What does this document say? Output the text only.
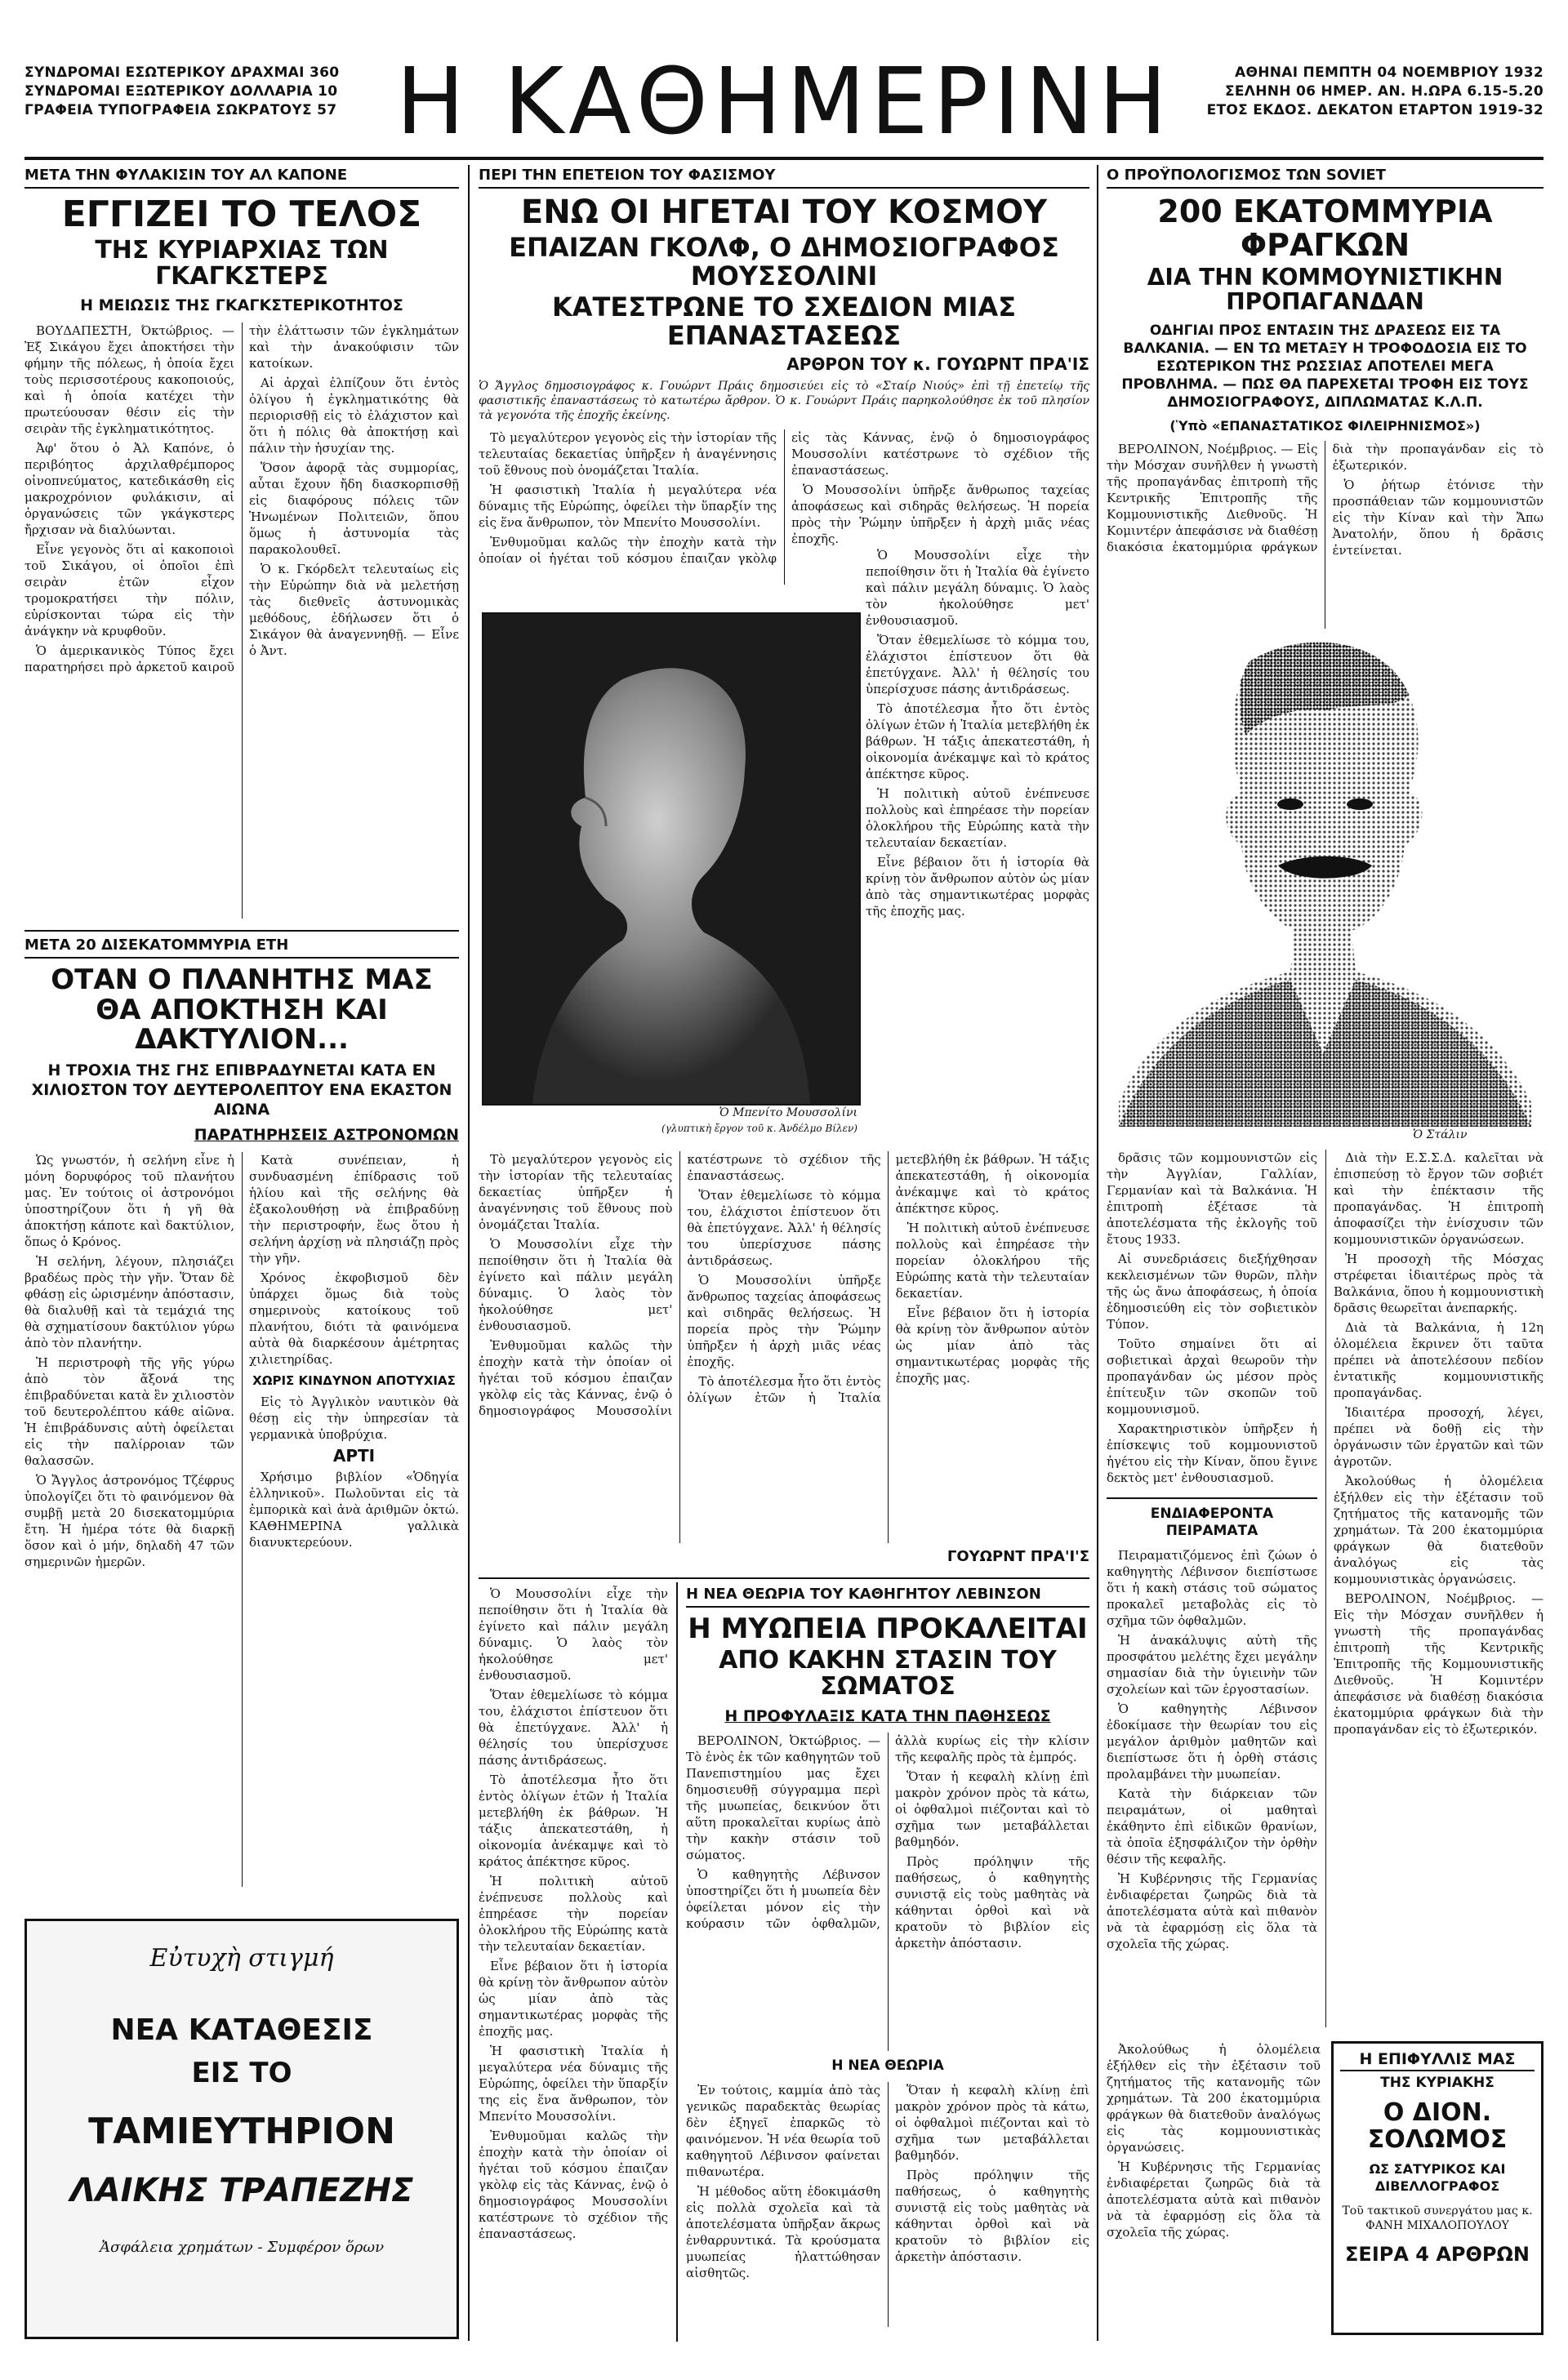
ΣΥΝΔΡΟΜΑΙ ΕΣΩΤΕΡΙΚΟΥ ΔΡΑΧΜΑΙ 360
ΣΥΝΔΡΟΜΑΙ ΕΞΩΤΕΡΙΚΟΥ ΔΟΛΛΑΡΙΑ 10
ΓΡΑΦΕΙΑ ΤΥΠΟΓΡΑΦΕΙΑ ΣΩΚΡΑΤΟΥΣ 57 Η ΚΑΘΗΜΕΡΙΝΗ	ΑΘΗΝΑΙ ΠΕΜΠΤΗ 04 ΝΟΕΜΒΡΙΟΥ 1932
ΣΕΛΗΝΗ 06 ΗΜΕΡ. ΑΝ. Η.ΩΡΑ 6.15-5.20
ΕΤΟΣ ΕΚΔΟΣ. ΔΕΚΑΤΟΝ ΕΤΑΡΤΟΝ 1919-32
ΜΕΤΑ ΤΗΝ ΦΥΛΑΚΙΣΙΝ ΤΟΥ ΑΛ ΚΑΠΟΝΕ
ΕΓΓΙΖΕΙ ΤΟ ΤΕΛΟΣ
ΤΗΣ ΚΥΡΙΑΡΧΙΑΣ ΤΩΝ ΓΚΑΓΚΣΤΕΡΣ
Η ΜΕΙΩΣΙΣ ΤΗΣ ΓΚΑΓΚΣΤΕΡΙΚΟΤΗΤΟΣ

ΒΟΥΔΑΠΕΣΤΗ, Όκτώβριος. — Ἐξ Σικάγου ἔχει ἀποκτήσει τὴν φήμην τῆς πόλεως, ἡ ὁποία ἔχει τοὺς περισσοτέρους κακοποιούς, καὶ ἡ ὁποία κατέχει τὴν πρωτεύουσαν θέσιν εἰς τὴν σειρὰν τῆς ἐγκληματικότητος.

Ἀφ' ὅτου ὁ Ἀλ Καπόνε, ὁ περιβόητος ἀρχιλαθρέμπορος οἰνοπνεύματος, κατεδικάσθη εἰς μακροχρόνιον φυλάκισιν, αἱ ὀργανώσεις τῶν γκάγκστερς ἤρχισαν νὰ διαλύωνται.

Εἶνε γεγονὸς ὅτι αἱ κακοποιοὶ τοῦ Σικάγου, οἱ ὁποῖοι ἐπὶ σειρὰν ἐτῶν εἶχον τρομοκρατήσει τὴν πόλιν, εὑρίσκονται τώρα εἰς τὴν ἀνάγκην νὰ κρυφθοῦν.

Ὁ ἀμερικανικὸς Τύπος ἔχει παρατηρήσει πρὸ ἀρκετοῦ καιροῦ τὴν ἐλάττωσιν τῶν ἐγκλημάτων καὶ τὴν ἀνακούφισιν τῶν κατοίκων.

Αἱ ἀρχαὶ ἐλπίζουν ὅτι ἐντὸς ὀλίγου ἡ ἐγκληματικότης θὰ περιορισθῇ εἰς τὸ ἐλάχιστον καὶ ὅτι ἡ πόλις θὰ ἀποκτήσῃ καὶ πάλιν τὴν ἡσυχίαν της.

Ὅσον ἀφορᾷ τὰς συμμορίας, αὗται ἔχουν ἤδη διασκορπισθῇ εἰς διαφόρους πόλεις τῶν Ἡνωμένων Πολιτειῶν, ὅπου ὅμως ἡ ἀστυνομία τὰς παρακολουθεῖ.

Ὁ κ. Γκόρδελτ τελευταίως εἰς τὴν Εὐρώπην διὰ νὰ μελετήσῃ τὰς διεθνεῖς ἀστυνομικὰς μεθόδους, ἐδήλωσεν ὅτι ὁ Σικάγον θὰ ἀναγεννηθῇ. — Εἶνε ὁ Ἀντ.

ΜΕΤΑ 20 ΔΙΣΕΚΑΤΟΜΜΥΡΙΑ ΕΤΗ
ΟΤΑΝ Ο ΠΛΑΝΗΤΗΣ ΜΑΣ
ΘΑ ΑΠΟΚΤΗΣΗ ΚΑΙ ΔΑΚΤΥΛΙΟΝ...
Η ΤΡΟΧΙΑ ΤΗΣ ΓΗΣ ΕΠΙΒΡΑΔΥΝΕΤΑΙ ΚΑΤΑ ΕΝ ΧΙΛΙΟΣΤΟΝ ΤΟΥ ΔΕΥΤΕΡΟΛΕΠΤΟΥ ΕΝΑ ΕΚΑΣΤΟΝ ΑΙΩΝΑ
ΠΑΡΑΤΗΡΗΣΕΙΣ ΑΣΤΡΟΝΟΜΩΝ

Ὡς γνωστόν, ἡ σελήνη εἶνε ἡ μόνη δορυφόρος τοῦ πλανήτου μας. Ἐν τούτοις οἱ ἀστρονόμοι ὑποστηρίζουν ὅτι ἡ γῆ θὰ ἀποκτήσῃ κάποτε καὶ δακτύλιον, ὅπως ὁ Κρόνος.

Ἡ σελήνη, λέγουν, πλησιάζει βραδέως πρὸς τὴν γῆν. Ὅταν δὲ φθάσῃ εἰς ὡρισμένην ἀπόστασιν, θὰ διαλυθῇ καὶ τὰ τεμάχιά της θὰ σχηματίσουν δακτύλιον γύρω ἀπὸ τὸν πλανήτην.

Ἡ περιστροφὴ τῆς γῆς γύρω ἀπὸ τὸν ἄξονά της ἐπιβραδύνεται κατὰ ἓν χιλιοστὸν τοῦ δευτερολέπτου κάθε αἰῶνα. Ἡ ἐπιβράδυνσις αὐτὴ ὀφείλεται εἰς τὴν παλίρροιαν τῶν θαλασσῶν.

Ὁ Ἄγγλος ἀστρονόμος Τζέφρυς ὑπολογίζει ὅτι τὸ φαινόμενον θὰ συμβῇ μετὰ 20 δισεκατομμύρια ἔτη. Ἡ ἡμέρα τότε θὰ διαρκῇ ὅσον καὶ ὁ μήν, δηλαδὴ 47 τῶν σημερινῶν ἡμερῶν.

Κατὰ συνέπειαν, ἡ συνδυασμένη ἐπίδρασις τοῦ ἡλίου καὶ τῆς σελήνης θὰ ἐξακολουθήσῃ νὰ ἐπιβραδύνῃ τὴν περιστροφήν, ἕως ὅτου ἡ σελήνη ἀρχίσῃ νὰ πλησιάζῃ πρὸς τὴν γῆν.

Χρόνος ἐκφοβισμοῦ δὲν ὑπάρχει ὅμως διὰ τοὺς σημερινοὺς κατοίκους τοῦ πλανήτου, διότι τὰ φαινόμενα αὐτὰ θὰ διαρκέσουν ἀμέτρητας χιλιετηρίδας.

ΧΩΡΙΣ ΚΙΝΔΥΝΟΝ ΑΠΟΤΥΧΙΑΣ

Εἰς τὸ Ἀγγλικὸν ναυτικὸν θὰ θέσῃ εἰς τὴν ὑπηρεσίαν τὰ γερμανικὰ ὑποβρύχια.

ΑΡΤΙ

Χρήσιμο βιβλίον «Ὁδηγία ἐλληνικοῦ». Πωλοῦνται εἰς τὰ ἐμπορικὰ καὶ ἀνὰ ἀριθμῶν ὀκτώ. ΚΑΘΗΜΕΡΙΝΑ γαλλικὰ διανυκτερεύουν.

Εὐτυχὴ στιγμή
ΝΕΑ ΚΑΤΑΘΕΣΙΣ
ΕΙΣ ΤΟ
ΤΑΜΙΕΥΤΗΡΙΟΝ
ΛΑΙΚΗΣ ΤΡΑΠΕΖΗΣ
Ἀσφάλεια χρημάτων - Συμφέρον ὅρων
ΠΕΡΙ ΤΗΝ ΕΠΕΤΕΙΟΝ ΤΟΥ ΦΑΣΙΣΜΟΥ
ΕΝΩ ΟΙ ΗΓΕΤΑΙ ΤΟΥ ΚΟΣΜΟΥ
ΕΠΑΙΖΑΝ ΓΚΟΛΦ, Ο ΔΗΜΟΣΙΟΓΡΑΦΟΣ ΜΟΥΣΣΟΛΙΝΙ
ΚΑΤΕΣΤΡΩΝΕ ΤΟ ΣΧΕΔΙΟΝ ΜΙΑΣ ΕΠΑΝΑΣΤΑΣΕΩΣ
ΑΡΘΡΟΝ ΤΟΥ κ. ΓΟΥΩΡΝΤ ΠΡΑ'ΙΣ
Ὁ Ἄγγλος δημοσιογράφος κ. Γουώρντ Πράις δημοσιεύει εἰς τὸ «Σταίρ Νιούς» ἐπὶ τῇ ἐπετείῳ τῆς φασιστικῆς ἐπαναστάσεως τὸ κατωτέρω ἄρθρον. Ὁ κ. Γουώρντ Πράις παρηκολούθησε ἐκ τοῦ πλησίον τὰ γεγονότα τῆς ἐποχῆς ἐκείνης.

Τὸ μεγαλύτερον γεγονὸς εἰς τὴν ἱστορίαν τῆς τελευταίας δεκαετίας ὑπῆρξεν ἡ ἀναγέννησις τοῦ ἔθνους ποὺ ὀνομάζεται Ἰταλία.

Ἡ φασιστικὴ Ἰταλία ἡ μεγαλύτερα νέα δύναμις τῆς Εὐρώπης, ὀφείλει τὴν ὕπαρξίν της εἰς ἕνα ἄνθρωπον, τὸν Μπενίτο Μουσσολίνι.

Ἐνθυμοῦμαι καλῶς τὴν ἐποχὴν κατὰ τὴν ὁποίαν οἱ ἡγέται τοῦ κόσμου ἐπαιζαν γκὸλφ εἰς τὰς Κάννας, ἐνῷ ὁ δημοσιογράφος Μουσσολίνι κατέστρωνε τὸ σχέδιον τῆς ἐπαναστάσεως.

Ὁ Μουσσολίνι ὑπῆρξε ἄνθρωπος ταχείας ἀποφάσεως καὶ σιδηρᾶς θελήσεως. Ἡ πορεία πρὸς τὴν Ῥώμην ὑπῆρξεν ἡ ἀρχὴ μιᾶς νέας ἐποχῆς.

Ὁ Μπενίτο Μουσσολίνι
(γλυπτικὴ ἔργον τοῦ κ. Ἀνδέλμο Βίλεν)

Ὁ Μουσσολίνι εἶχε τὴν πεποίθησιν ὅτι ἡ Ἰταλία θὰ ἐγίνετο καὶ πάλιν μεγάλη δύναμις. Ὁ λαὸς τὸν ἠκολούθησε μετ' ἐνθουσιασμοῦ.

Ὅταν ἐθεμελίωσε τὸ κόμμα του, ἐλάχιστοι ἐπίστευον ὅτι θὰ ἐπετύγχανε. Ἀλλ' ἡ θέλησίς του ὑπερίσχυσε πάσης ἀντιδράσεως.

Τὸ ἀποτέλεσμα ἦτο ὅτι ἐντὸς ὀλίγων ἐτῶν ἡ Ἰταλία μετεβλήθη ἐκ βάθρων. Ἡ τάξις ἀπεκατεστάθη, ἡ οἰκονομία ἀνέκαμψε καὶ τὸ κράτος ἀπέκτησε κῦρος.

Ἡ πολιτικὴ αὐτοῦ ἐνέπνευσε πολλοὺς καὶ ἐπηρέασε τὴν πορείαν ὁλοκλήρου τῆς Εὐρώπης κατὰ τὴν τελευταίαν δεκαετίαν.

Εἶνε βέβαιον ὅτι ἡ ἱστορία θὰ κρίνῃ τὸν ἄνθρωπον αὐτὸν ὡς μίαν ἀπὸ τὰς σημαντικωτέρας μορφὰς τῆς ἐποχῆς μας.

Τὸ μεγαλύτερον γεγονὸς εἰς τὴν ἱστορίαν τῆς τελευταίας δεκαετίας ὑπῆρξεν ἡ ἀναγέννησις τοῦ ἔθνους ποὺ ὀνομάζεται Ἰταλία.

Ὁ Μουσσολίνι εἶχε τὴν πεποίθησιν ὅτι ἡ Ἰταλία θὰ ἐγίνετο καὶ πάλιν μεγάλη δύναμις. Ὁ λαὸς τὸν ἠκολούθησε μετ' ἐνθουσιασμοῦ.

Ἐνθυμοῦμαι καλῶς τὴν ἐποχὴν κατὰ τὴν ὁποίαν οἱ ἡγέται τοῦ κόσμου ἐπαιζαν γκὸλφ εἰς τὰς Κάννας, ἐνῷ ὁ δημοσιογράφος Μουσσολίνι κατέστρωνε τὸ σχέδιον τῆς ἐπαναστάσεως.

Ὅταν ἐθεμελίωσε τὸ κόμμα του, ἐλάχιστοι ἐπίστευον ὅτι θὰ ἐπετύγχανε. Ἀλλ' ἡ θέλησίς του ὑπερίσχυσε πάσης ἀντιδράσεως.

Ὁ Μουσσολίνι ὑπῆρξε ἄνθρωπος ταχείας ἀποφάσεως καὶ σιδηρᾶς θελήσεως. Ἡ πορεία πρὸς τὴν Ῥώμην ὑπῆρξεν ἡ ἀρχὴ μιᾶς νέας ἐποχῆς.

Τὸ ἀποτέλεσμα ἦτο ὅτι ἐντὸς ὀλίγων ἐτῶν ἡ Ἰταλία μετεβλήθη ἐκ βάθρων. Ἡ τάξις ἀπεκατεστάθη, ἡ οἰκονομία ἀνέκαμψε καὶ τὸ κράτος ἀπέκτησε κῦρος.

Ἡ πολιτικὴ αὐτοῦ ἐνέπνευσε πολλοὺς καὶ ἐπηρέασε τὴν πορείαν ὁλοκλήρου τῆς Εὐρώπης κατὰ τὴν τελευταίαν δεκαετίαν.

Εἶνε βέβαιον ὅτι ἡ ἱστορία θὰ κρίνῃ τὸν ἄνθρωπον αὐτὸν ὡς μίαν ἀπὸ τὰς σημαντικωτέρας μορφὰς τῆς ἐποχῆς μας.

ΓΟΥΩΡΝΤ ΠΡΑ'Ι'Σ

Ὁ Μουσσολίνι εἶχε τὴν πεποίθησιν ὅτι ἡ Ἰταλία θὰ ἐγίνετο καὶ πάλιν μεγάλη δύναμις. Ὁ λαὸς τὸν ἠκολούθησε μετ' ἐνθουσιασμοῦ.

Ὅταν ἐθεμελίωσε τὸ κόμμα του, ἐλάχιστοι ἐπίστευον ὅτι θὰ ἐπετύγχανε. Ἀλλ' ἡ θέλησίς του ὑπερίσχυσε πάσης ἀντιδράσεως.

Τὸ ἀποτέλεσμα ἦτο ὅτι ἐντὸς ὀλίγων ἐτῶν ἡ Ἰταλία μετεβλήθη ἐκ βάθρων. Ἡ τάξις ἀπεκατεστάθη, ἡ οἰκονομία ἀνέκαμψε καὶ τὸ κράτος ἀπέκτησε κῦρος.

Ἡ πολιτικὴ αὐτοῦ ἐνέπνευσε πολλοὺς καὶ ἐπηρέασε τὴν πορείαν ὁλοκλήρου τῆς Εὐρώπης κατὰ τὴν τελευταίαν δεκαετίαν.

Εἶνε βέβαιον ὅτι ἡ ἱστορία θὰ κρίνῃ τὸν ἄνθρωπον αὐτὸν ὡς μίαν ἀπὸ τὰς σημαντικωτέρας μορφὰς τῆς ἐποχῆς μας.

Ἡ φασιστικὴ Ἰταλία ἡ μεγαλύτερα νέα δύναμις τῆς Εὐρώπης, ὀφείλει τὴν ὕπαρξίν της εἰς ἕνα ἄνθρωπον, τὸν Μπενίτο Μουσσολίνι.

Ἐνθυμοῦμαι καλῶς τὴν ἐποχὴν κατὰ τὴν ὁποίαν οἱ ἡγέται τοῦ κόσμου ἐπαιζαν γκὸλφ εἰς τὰς Κάννας, ἐνῷ ὁ δημοσιογράφος Μουσσολίνι κατέστρωνε τὸ σχέδιον τῆς ἐπαναστάσεως.

Η ΝΕΑ ΘΕΩΡΙΑ ΤΟΥ ΚΑΘΗΓΗΤΟΥ ΛΕΒΙΝΣΟΝ
Η ΜΥΩΠΕΙΑ ΠΡΟΚΑΛΕΙΤΑΙ
ΑΠΟ ΚΑΚΗΝ ΣΤΑΣΙΝ ΤΟΥ ΣΩΜΑΤΟΣ
Η ΠΡΟΦΥΛΑΞΙΣ ΚΑΤΑ ΤΗΝ ΠΑΘΗΣΕΩΣ

ΒΕΡΟΛΙΝΟΝ, Ὀκτώβριος. — Τὸ ἑνὸς ἐκ τῶν καθηγητῶν τοῦ Πανεπιστημίου μας ἔχει δημοσιευθῇ σύγγραμμα περὶ τῆς μυωπείας, δεικνύον ὅτι αὕτη προκαλεῖται κυρίως ἀπὸ τὴν κακὴν στάσιν τοῦ σώματος.

Ὁ καθηγητὴς Λέβινσον ὑποστηρίζει ὅτι ἡ μυωπεία δὲν ὀφείλεται μόνον εἰς τὴν κούρασιν τῶν ὀφθαλμῶν, ἀλλὰ κυρίως εἰς τὴν κλίσιν τῆς κεφαλῆς πρὸς τὰ ἐμπρός.

Ὅταν ἡ κεφαλὴ κλίνῃ ἐπὶ μακρὸν χρόνον πρὸς τὰ κάτω, οἱ ὀφθαλμοὶ πιέζονται καὶ τὸ σχῆμα των μεταβάλλεται βαθμηδόν.

Πρὸς πρόληψιν τῆς παθήσεως, ὁ καθηγητὴς συνιστᾷ εἰς τοὺς μαθητὰς νὰ κάθηνται ὀρθοὶ καὶ νὰ κρατοῦν τὸ βιβλίον εἰς ἀρκετὴν ἀπόστασιν.

Η ΝΕΑ ΘΕΩΡΙΑ

Ἐν τούτοις, καμμία ἀπὸ τὰς γενικῶς παραδεκτὰς θεωρίας δὲν ἐξηγεῖ ἐπαρκῶς τὸ φαινόμενον. Ἡ νέα θεωρία τοῦ καθηγητοῦ Λέβινσον φαίνεται πιθανωτέρα.

Ἡ μέθοδος αὕτη ἐδοκιμάσθη εἰς πολλὰ σχολεῖα καὶ τὰ ἀποτελέσματα ὑπῆρξαν ἄκρως ἐνθαρρυντικά. Τὰ κρούσματα μυωπείας ἠλαττώθησαν αἰσθητῶς.

Ὅταν ἡ κεφαλὴ κλίνῃ ἐπὶ μακρὸν χρόνον πρὸς τὰ κάτω, οἱ ὀφθαλμοὶ πιέζονται καὶ τὸ σχῆμα των μεταβάλλεται βαθμηδόν.

Πρὸς πρόληψιν τῆς παθήσεως, ὁ καθηγητὴς συνιστᾷ εἰς τοὺς μαθητὰς νὰ κάθηνται ὀρθοὶ καὶ νὰ κρατοῦν τὸ βιβλίον εἰς ἀρκετὴν ἀπόστασιν.

Ο ΠΡΟΫΠΟΛΟΓΙΣΜΟΣ ΤΩΝ SOVIET
200 ΕΚΑΤΟΜΜΥΡΙΑ ΦΡΑΓΚΩΝ
ΔΙΑ ΤΗΝ ΚΟΜΜΟΥΝΙΣΤΙΚΗΝ ΠΡΟΠΑΓΑΝΔΑΝ
ΟΔΗΓΙΑΙ ΠΡΟΣ ΕΝΤΑΣΙΝ ΤΗΣ ΔΡΑΣΕΩΣ ΕΙΣ ΤΑ ΒΑΛΚΑΝΙΑ. — ΕΝ ΤΩ ΜΕΤΑΞΥ Η ΤΡΟΦΟΔΟΣΙΑ ΕΙΣ ΤΟ ΕΣΩΤΕΡΙΚΟΝ ΤΗΣ ΡΩΣΣΙΑΣ ΑΠΟΤΕΛΕΙ ΜΕΓΑ ΠΡΟΒΛΗΜΑ. — ΠΩΣ ΘΑ ΠΑΡΕΧΕΤΑΙ ΤΡΟΦΗ ΕΙΣ ΤΟΥΣ ΔΗΜΟΣΙΟΓΡΑΦΟΥΣ, ΔΙΠΛΩΜΑΤΑΣ Κ.Λ.Π.
(Ὑπὸ «ΕΠΑΝΑΣΤΑΤΙΚΟΣ ΦΙΛΕΙΡΗΝΙΣΜΟΣ»)

ΒΕΡΟΛΙΝΟΝ, Νοέμβριος. — Εἰς τὴν Μόσχαν συνῆλθεν ἡ γνωστὴ τῆς προπαγάνδας ἐπιτροπὴ τῆς Κεντρικῆς Ἐπιτροπῆς τῆς Κομμουνιστικῆς Διεθνοῦς. Ἡ Κομιντέρν ἀπεφάσισε νὰ διαθέσῃ διακόσια ἑκατομμύρια φράγκων διὰ τὴν προπαγάνδαν εἰς τὸ ἐξωτερικόν.

Ὁ ῥήτωρ ἐτόνισε τὴν προσπάθειαν τῶν κομμουνιστῶν εἰς τὴν Κίναν καὶ τὴν Ἄπω Ἀνατολήν, ὅπου ἡ δρᾶσις ἐντείνεται.

Ὁ Στάλιν

δρᾶσις τῶν κομμουνιστῶν εἰς τὴν Ἀγγλίαν, Γαλλίαν, Γερμανίαν καὶ τὰ Βαλκάνια. Ἡ ἐπιτροπὴ ἐξέτασε τὰ ἀποτελέσματα τῆς ἐκλογῆς τοῦ ἔτους 1933.

Αἱ συνεδριάσεις διεξήχθησαν κεκλεισμένων τῶν θυρῶν, πλὴν τῆς ὡς ἄνω ἀποφάσεως, ἡ ὁποία ἐδημοσιεύθη εἰς τὸν σοβιετικὸν Τύπον.

Τοῦτο σημαίνει ὅτι αἱ σοβιετικαὶ ἀρχαὶ θεωροῦν τὴν προπαγάνδαν ὡς μέσον πρὸς ἐπίτευξιν τῶν σκοπῶν τοῦ κομμουνισμοῦ.

Χαρακτηριστικὸν ὑπῆρξεν ἡ ἐπίσκεψις τοῦ κομμουνιστοῦ ἡγέτου εἰς τὴν Κίναν, ὅπου ἔγινε δεκτὸς μετ' ἐνθουσιασμοῦ.

ΕΝΔΙΑΦΕΡΟΝΤΑ ΠΕΙΡΑΜΑΤΑ

Πειραματιζόμενος ἐπὶ ζώων ὁ καθηγητὴς Λέβινσον διεπίστωσε ὅτι ἡ κακὴ στάσις τοῦ σώματος προκαλεῖ μεταβολὰς εἰς τὸ σχῆμα τῶν ὀφθαλμῶν.

Ἡ ἀνακάλυψις αὐτὴ τῆς προσφάτου μελέτης ἔχει μεγάλην σημασίαν διὰ τὴν ὑγιεινὴν τῶν σχολείων καὶ τῶν ἐργοστασίων.

Ὁ καθηγητὴς Λέβινσον ἐδοκίμασε τὴν θεωρίαν του εἰς μεγάλον ἀριθμὸν μαθητῶν καὶ διεπίστωσε ὅτι ἡ ὀρθὴ στάσις προλαμβάνει τὴν μυωπείαν.

Κατὰ τὴν διάρκειαν τῶν πειραμάτων, οἱ μαθηταὶ ἐκάθηντο ἐπὶ εἰδικῶν θρανίων, τὰ ὁποῖα ἐξησφάλιζον τὴν ὀρθὴν θέσιν τῆς κεφαλῆς.

Ἡ Κυβέρνησις τῆς Γερμανίας ἐνδιαφέρεται ζωηρῶς διὰ τὰ ἀποτελέσματα αὐτὰ καὶ πιθανὸν νὰ τὰ ἐφαρμόσῃ εἰς ὅλα τὰ σχολεῖα τῆς χώρας.

Διὰ τὴν Ε.Σ.Σ.Δ. καλεῖται νὰ ἐπισπεύσῃ τὸ ἔργον τῶν σοβιέτ καὶ τὴν ἐπέκτασιν τῆς προπαγάνδας. Ἡ ἐπιτροπὴ ἀποφασίζει τὴν ἐνίσχυσιν τῶν κομμουνιστικῶν ὀργανώσεων.

Ἡ προσοχὴ τῆς Μόσχας στρέφεται ἰδιαιτέρως πρὸς τὰ Βαλκάνια, ὅπου ἡ κομμουνιστικὴ δρᾶσις θεωρεῖται ἀνεπαρκής.

Διὰ τὰ Βαλκάνια, ἡ 12η ὁλομέλεια ἔκρινεν ὅτι ταῦτα πρέπει νὰ ἀποτελέσουν πεδίον ἐντατικῆς κομμουνιστικῆς προπαγάνδας.

Ἰδιαιτέρα προσοχή, λέγει, πρέπει νὰ δοθῇ εἰς τὴν ὀργάνωσιν τῶν ἐργατῶν καὶ τῶν ἀγροτῶν.

Ἀκολούθως ἡ ὁλομέλεια ἐξήλθεν εἰς τὴν ἐξέτασιν τοῦ ζητήματος τῆς κατανομῆς τῶν χρημάτων. Τὰ 200 ἑκατομμύρια φράγκων θὰ διατεθοῦν ἀναλόγως εἰς τὰς κομμουνιστικὰς ὀργανώσεις.

ΒΕΡΟΛΙΝΟΝ, Νοέμβριος. — Εἰς τὴν Μόσχαν συνῆλθεν ἡ γνωστὴ τῆς προπαγάνδας ἐπιτροπὴ τῆς Κεντρικῆς Ἐπιτροπῆς τῆς Κομμουνιστικῆς Διεθνοῦς. Ἡ Κομιντέρν ἀπεφάσισε νὰ διαθέσῃ διακόσια ἑκατομμύρια φράγκων διὰ τὴν προπαγάνδαν εἰς τὸ ἐξωτερικόν.

Η ΕΠΙΦΥΛΛΙΣ ΜΑΣ
ΤΗΣ ΚΥΡΙΑΚΗΣ
Ο ΔΙΟΝ. ΣΟΛΩΜΟΣ
ΩΣ ΣΑΤΥΡΙΚΟΣ ΚΑΙ ΔΙΒΕΛΛΟΓΡΑΦΟΣ
Τοῦ τακτικοῦ συνεργάτου μας κ. ΦΑΝΗ ΜΙΧΑΛΟΠΟΥΛΟΥ
ΣΕΙΡΑ 4 ΑΡΘΡΩΝ

Ἀκολούθως ἡ ὁλομέλεια ἐξήλθεν εἰς τὴν ἐξέτασιν τοῦ ζητήματος τῆς κατανομῆς τῶν χρημάτων. Τὰ 200 ἑκατομμύρια φράγκων θὰ διατεθοῦν ἀναλόγως εἰς τὰς κομμουνιστικὰς ὀργανώσεις.

Ἡ Κυβέρνησις τῆς Γερμανίας ἐνδιαφέρεται ζωηρῶς διὰ τὰ ἀποτελέσματα αὐτὰ καὶ πιθανὸν νὰ τὰ ἐφαρμόσῃ εἰς ὅλα τὰ σχολεῖα τῆς χώρας.
